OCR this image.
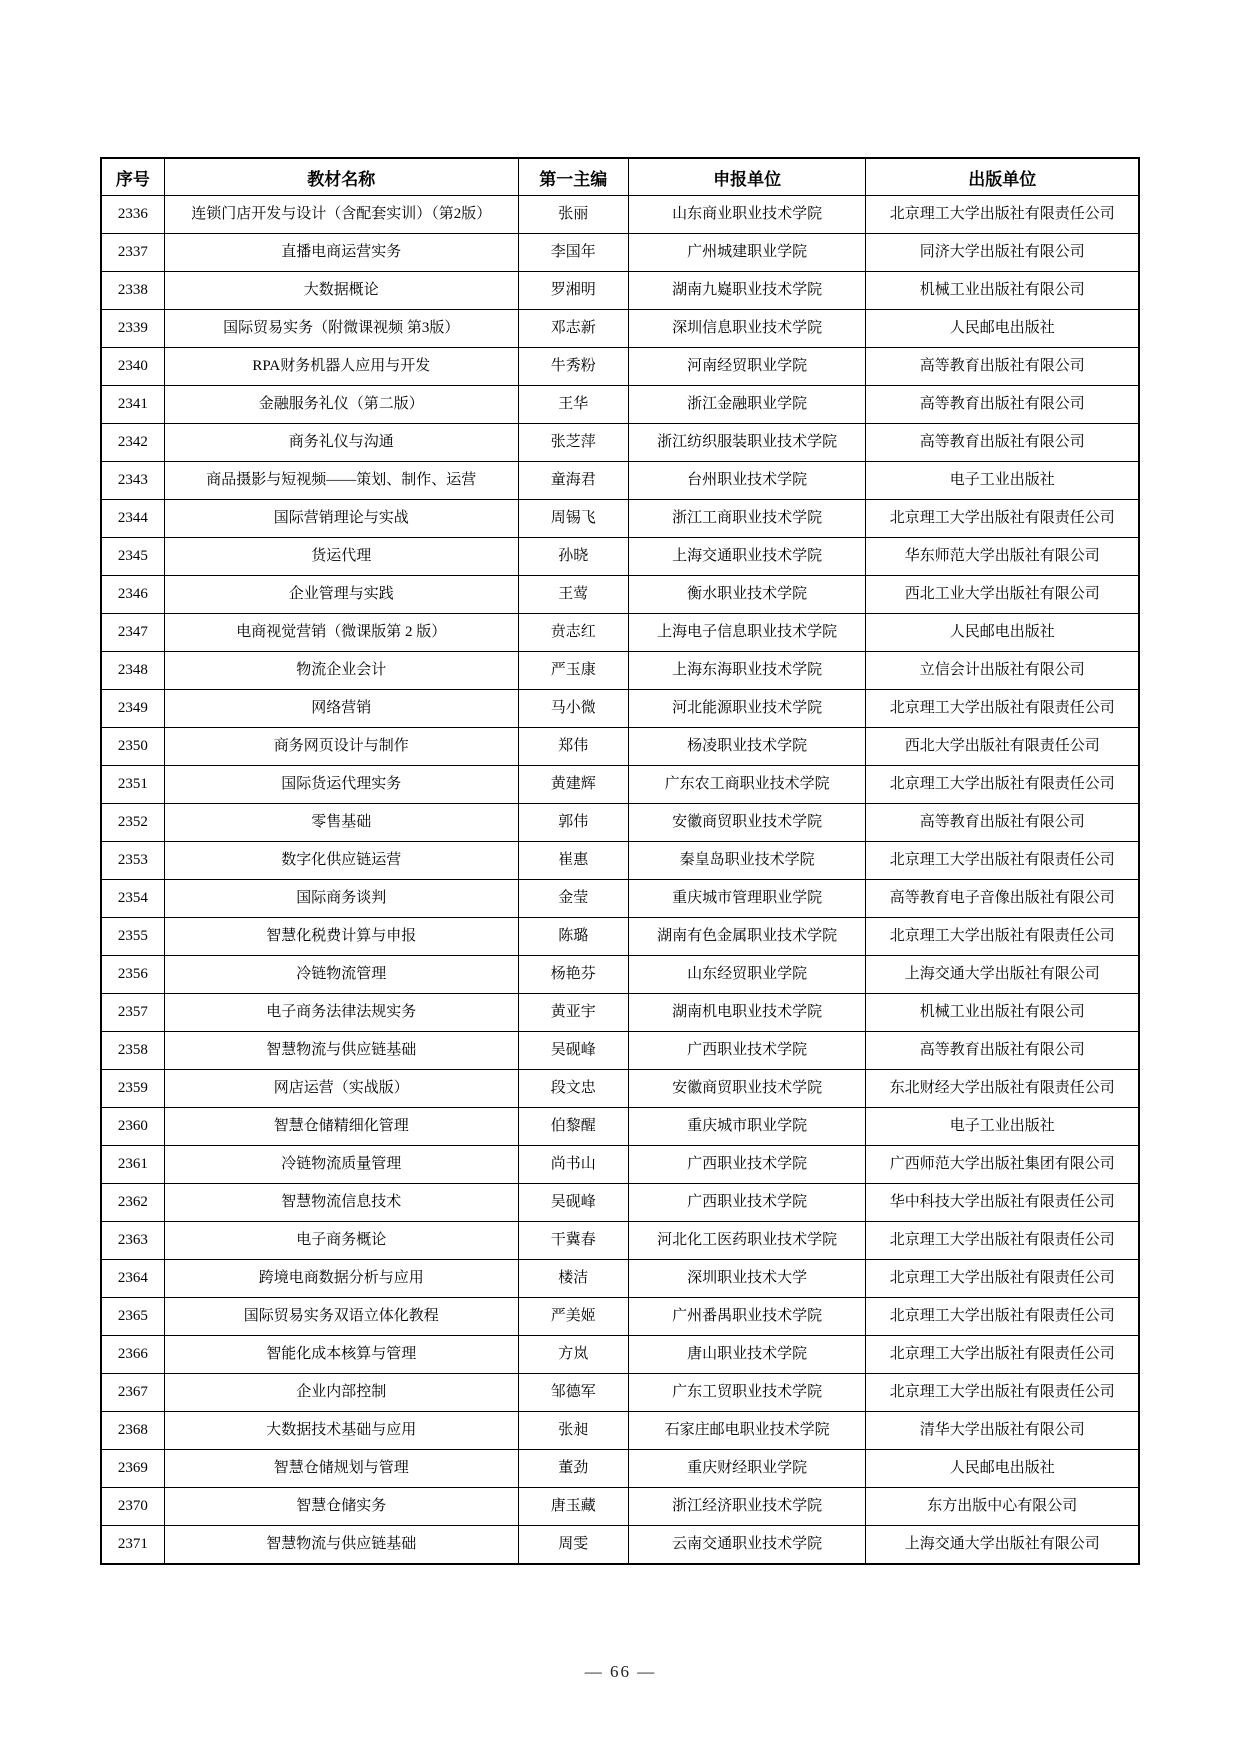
序号	教材名称	第一主编	申报单位	出版单位
2336	连锁门店开发与设计（含配套实训）（第2版）	张丽	山东商业职业技术学院	北京理工大学出版社有限责任公司
2337	直播电商运营实务	李国年	广州城建职业学院	同济大学出版社有限公司
2338	大数据概论	罗湘明	湖南九嶷职业技术学院	机械工业出版社有限公司
2339	国际贸易实务（附微课视频 第3版）	邓志新	深圳信息职业技术学院	人民邮电出版社
2340	RPA财务机器人应用与开发	牛秀粉	河南经贸职业学院	高等教育出版社有限公司
2341	金融服务礼仪（第二版）	王华	浙江金融职业学院	高等教育出版社有限公司
2342	商务礼仪与沟通	张芝萍	浙江纺织服装职业技术学院	高等教育出版社有限公司
2343	商品摄影与短视频——策划、制作、运营	童海君	台州职业技术学院	电子工业出版社
2344	国际营销理论与实战	周锡飞	浙江工商职业技术学院	北京理工大学出版社有限责任公司
2345	货运代理	孙晓	上海交通职业技术学院	华东师范大学出版社有限公司
2346	企业管理与实践	王莺	衡水职业技术学院	西北工业大学出版社有限公司
2347	电商视觉营销（微课版第 2 版）	贲志红	上海电子信息职业技术学院	人民邮电出版社
2348	物流企业会计	严玉康	上海东海职业技术学院	立信会计出版社有限公司
2349	网络营销	马小微	河北能源职业技术学院	北京理工大学出版社有限责任公司
2350	商务网页设计与制作	郑伟	杨凌职业技术学院	西北大学出版社有限责任公司
2351	国际货运代理实务	黄建辉	广东农工商职业技术学院	北京理工大学出版社有限责任公司
2352	零售基础	郭伟	安徽商贸职业技术学院	高等教育出版社有限公司
2353	数字化供应链运营	崔惠	秦皇岛职业技术学院	北京理工大学出版社有限责任公司
2354	国际商务谈判	金莹	重庆城市管理职业学院	高等教育电子音像出版社有限公司
2355	智慧化税费计算与申报	陈璐	湖南有色金属职业技术学院	北京理工大学出版社有限责任公司
2356	冷链物流管理	杨艳芬	山东经贸职业学院	上海交通大学出版社有限公司
2357	电子商务法律法规实务	黄亚宇	湖南机电职业技术学院	机械工业出版社有限公司
2358	智慧物流与供应链基础	吴砚峰	广西职业技术学院	高等教育出版社有限公司
2359	网店运营（实战版）	段文忠	安徽商贸职业技术学院	东北财经大学出版社有限责任公司
2360	智慧仓储精细化管理	伯黎醒	重庆城市职业学院	电子工业出版社
2361	冷链物流质量管理	尚书山	广西职业技术学院	广西师范大学出版社集团有限公司
2362	智慧物流信息技术	吴砚峰	广西职业技术学院	华中科技大学出版社有限责任公司
2363	电子商务概论	干冀春	河北化工医药职业技术学院	北京理工大学出版社有限责任公司
2364	跨境电商数据分析与应用	楼洁	深圳职业技术大学	北京理工大学出版社有限责任公司
2365	国际贸易实务双语立体化教程	严美姬	广州番禺职业技术学院	北京理工大学出版社有限责任公司
2366	智能化成本核算与管理	方岚	唐山职业技术学院	北京理工大学出版社有限责任公司
2367	企业内部控制	邹德军	广东工贸职业技术学院	北京理工大学出版社有限责任公司
2368	大数据技术基础与应用	张昶	石家庄邮电职业技术学院	清华大学出版社有限公司
2369	智慧仓储规划与管理	董劲	重庆财经职业学院	人民邮电出版社
2370	智慧仓储实务	唐玉藏	浙江经济职业技术学院	东方出版中心有限公司
2371	智慧物流与供应链基础	周雯	云南交通职业技术学院	上海交通大学出版社有限公司
— 66 —
